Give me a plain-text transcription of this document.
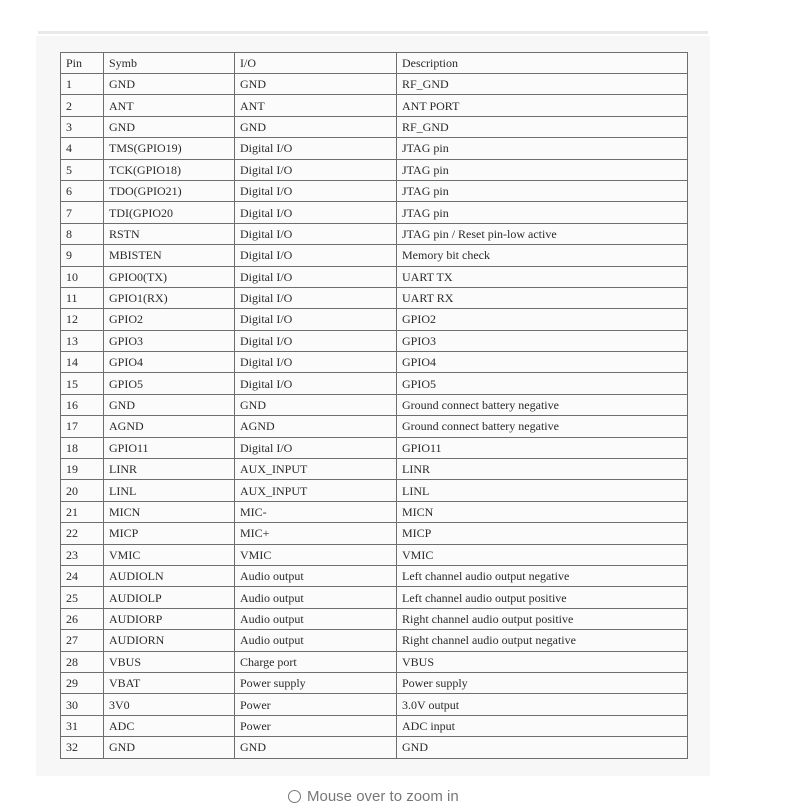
Pin	Symb	I/O	Description
1	GND	GND	RF_GND
2	ANT	ANT	ANT PORT
3	GND	GND	RF_GND
4	TMS(GPIO19)	Digital I/O	JTAG pin
5	TCK(GPIO18)	Digital I/O	JTAG pin
6	TDO(GPIO21)	Digital I/O	JTAG pin
7	TDI(GPIO20	Digital I/O	JTAG pin
8	RSTN	Digital I/O	JTAG pin / Reset pin-low active
9	MBISTEN	Digital I/O	Memory bit check
10	GPIO0(TX)	Digital I/O	UART TX
11	GPIO1(RX)	Digital I/O	UART RX
12	GPIO2	Digital I/O	GPIO2
13	GPIO3	Digital I/O	GPIO3
14	GPIO4	Digital I/O	GPIO4
15	GPIO5	Digital I/O	GPIO5
16	GND	GND	Ground connect battery negative
17	AGND	AGND	Ground connect battery negative
18	GPIO11	Digital I/O	GPIO11
19	LINR	AUX_INPUT	LINR
20	LINL	AUX_INPUT	LINL
21	MICN	MIC-	MICN
22	MICP	MIC+	MICP
23	VMIC	VMIC	VMIC
24	AUDIOLN	Audio output	Left channel audio output negative
25	AUDIOLP	Audio output	Left channel audio output positive
26	AUDIORP	Audio output	Right channel audio output positive
27	AUDIORN	Audio output	Right channel audio output negative
28	VBUS	Charge port	VBUS
29	VBAT	Power supply	Power supply
30	3V0	Power	3.0V output
31	ADC	Power	ADC input
32	GND	GND	GND
Mouse over to zoom in
